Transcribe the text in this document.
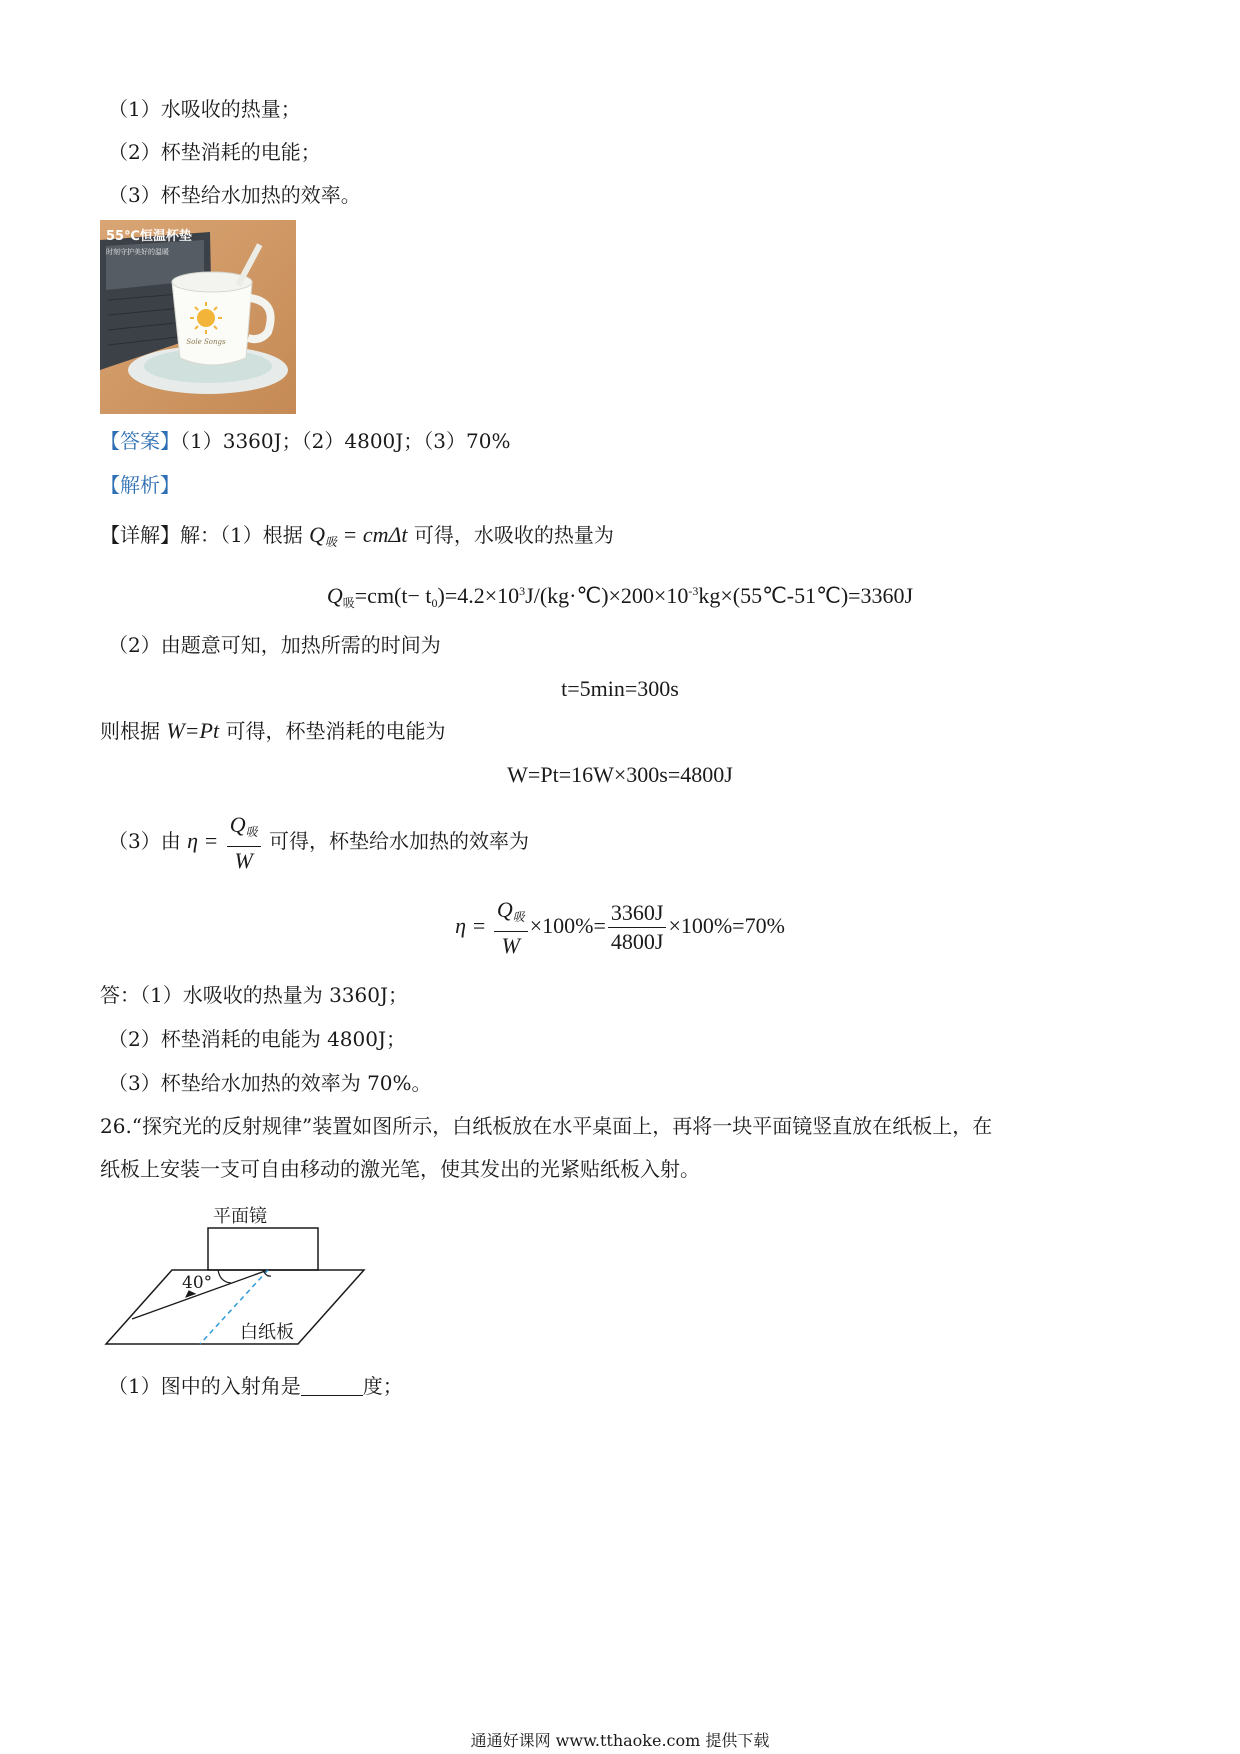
（1）水吸收的热量；
（2）杯垫消耗的电能；
（3）杯垫给水加热的效率。
Sole Songs
55℃恒温杯垫
时刻守护美好的温暖
【答案】（1）3360J；（2）4800J；（3）70%
【解析】
【详解】解：（1）根据 $Q_吸 = cm\Delta t$ 可得，水吸收的热量为
$Q_吸=cm(t-$ $t_0)=4.2\times 10^3J/(kg\cdot℃)\times 200\times 10^{-3}kg\times(55℃-51℃)=3360J$
（2）由题意可知，加热所需的时间为
t=5min=300s
则根据 W=Pt 可得，杯垫消耗的电能为
W=Pt=16W×300s=4800J
（3）由 $\eta = \frac{Q_吸}{W}$ 可得，杯垫给水加热的效率为
$\eta = \frac{Q_吸}{W} \times 100\%= \frac{3360J}{4800J} \times 100\%=70\%$
答：（1）水吸收的热量为 3360J；
（2）杯垫消耗的电能为 4800J；
（3）杯垫给水加热的效率为 70%。
26.“探究光的反射规律”装置如图所示，白纸板放在水平桌面上，再将一块平面镜竖直放在纸板上，在
纸板上安装一支可自由移动的激光笔，使其发出的光紧贴纸板入射。
平面镜
40°
白纸板
（1）图中的入射角是	度；
通通好课网 www.tthaoke.com 提供下载
